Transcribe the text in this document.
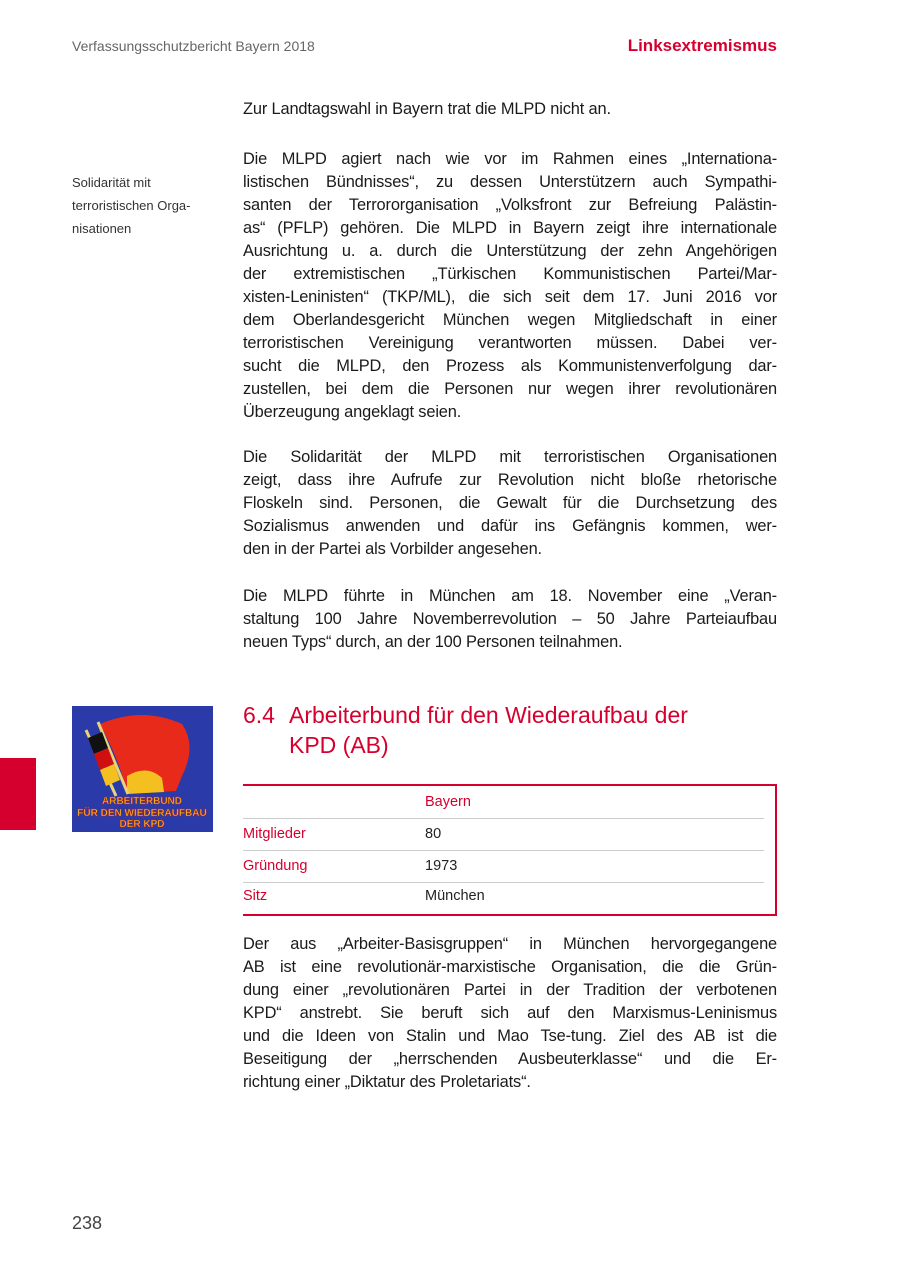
Verfassungsschutzbericht Bayern 2018	Linksextremismus
Solidarität mit
terroristischen Orga-
nisationen
Zur Landtagswahl in Bayern trat die MLPD nicht an.
Die MLPD agiert nach wie vor im Rahmen eines „Internationa-
listischen Bündnisses“, zu dessen Unterstützern auch Sympathi-
santen der Terrororganisation „Volksfront zur Befreiung Palästin-
as“ (PFLP) gehören. Die MLPD in Bayern zeigt ihre internationale
Ausrichtung u. a. durch die Unterstützung der zehn Angehörigen
der extremistischen „Türkischen Kommunistischen Partei/Mar-
xisten-Leninisten“ (TKP/ML), die sich seit dem 17. Juni 2016 vor
dem Oberlandesgericht München wegen Mitgliedschaft in einer
terroristischen Vereinigung verantworten müssen. Dabei ver-
sucht die MLPD, den Prozess als Kommunistenverfolgung dar-
zustellen, bei dem die Personen nur wegen ihrer revolutionären
Überzeugung angeklagt seien.
Die Solidarität der MLPD mit terroristischen Organisationen
zeigt, dass ihre Aufrufe zur Revolution nicht bloße rhetorische
Floskeln sind. Personen, die Gewalt für die Durchsetzung des
Sozialismus anwenden und dafür ins Gefängnis kommen, wer-
den in der Partei als Vorbilder angesehen.
Die MLPD führte in München am 18. November eine „Veran-
staltung 100 Jahre Novemberrevolution – 50 Jahre Parteiaufbau
neuen Typs“ durch, an der 100 Personen teilnahmen.
Der aus „Arbeiter-Basisgruppen“ in München hervorgegangene
AB ist eine revolutionär-marxistische Organisation, die die Grün-
dung einer „revolutionären Partei in der Tradition der verbotenen
KPD“ anstrebt. Sie beruft sich auf den Marxismus-Leninismus
und die Ideen von Stalin und Mao Tse-tung. Ziel des AB ist die
Beseitigung der „herrschenden Ausbeuterklasse“ und die Er-
richtung einer „Diktatur des Proletariats“.
ARBEITERBUND
FÜR DEN WIEDERAUFBAU
DER KPD
6.4 Arbeiterbund für den Wiederaufbau der
KPD (AB)
Bayern
Mitglieder	80
Gründung	1973
Sitz	München
238
